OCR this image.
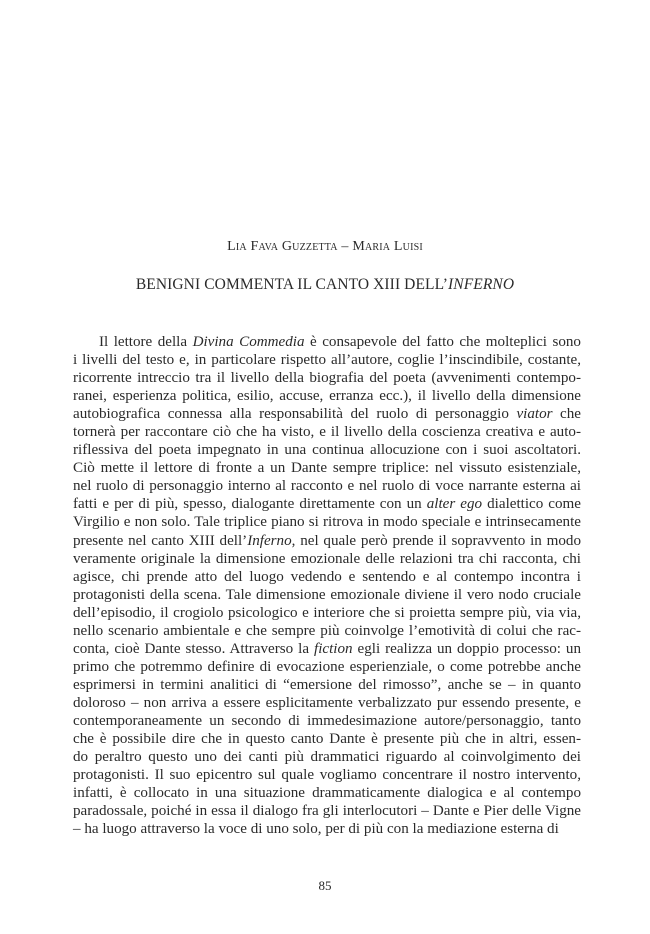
Lia Fava Guzzetta – Maria Luisi
BENIGNI COMMENTA IL CANTO XIII DELL’INFERNO
Il lettore della Divina Commedia è consapevole del fatto che molteplici sono
i livelli del testo e, in particolare rispetto all’autore, coglie l’inscindibile, costante,
ricorrente intreccio tra il livello della biografia del poeta (avvenimenti contempo-
ranei, esperienza politica, esilio, accuse, erranza ecc.), il livello della dimensione
autobiografica connessa alla responsabilità del ruolo di personaggio viator che
tornerà per raccontare ciò che ha visto, e il livello della coscienza creativa e auto-
riflessiva del poeta impegnato in una continua allocuzione con i suoi ascoltatori.
Ciò mette il lettore di fronte a un Dante sempre triplice: nel vissuto esistenziale,
nel ruolo di personaggio interno al racconto e nel ruolo di voce narrante esterna ai
fatti e per di più, spesso, dialogante direttamente con un alter ego dialettico come
Virgilio e non solo. Tale triplice piano si ritrova in modo speciale e intrinsecamente
presente nel canto XIII dell’Inferno, nel quale però prende il sopravvento in modo
veramente originale la dimensione emozionale delle relazioni tra chi racconta, chi
agisce, chi prende atto del luogo vedendo e sentendo e al contempo incontra i
protagonisti della scena. Tale dimensione emozionale diviene il vero nodo cruciale
dell’episodio, il crogiolo psicologico e interiore che si proietta sempre più, via via,
nello scenario ambientale e che sempre più coinvolge l’emotività di colui che rac-
conta, cioè Dante stesso. Attraverso la fiction egli realizza un doppio processo: un
primo che potremmo definire di evocazione esperienziale, o come potrebbe anche
esprimersi in termini analitici di “emersione del rimosso”, anche se – in quanto
doloroso – non arriva a essere esplicitamente verbalizzato pur essendo presente, e
contemporaneamente un secondo di immedesimazione autore/personaggio, tanto
che è possibile dire che in questo canto Dante è presente più che in altri, essen-
do peraltro questo uno dei canti più drammatici riguardo al coinvolgimento dei
protagonisti. Il suo epicentro sul quale vogliamo concentrare il nostro intervento,
infatti, è collocato in una situazione drammaticamente dialogica e al contempo
paradossale, poiché in essa il dialogo fra gli interlocutori – Dante e Pier delle Vigne
– ha luogo attraverso la voce di uno solo, per di più con la mediazione esterna di
85
